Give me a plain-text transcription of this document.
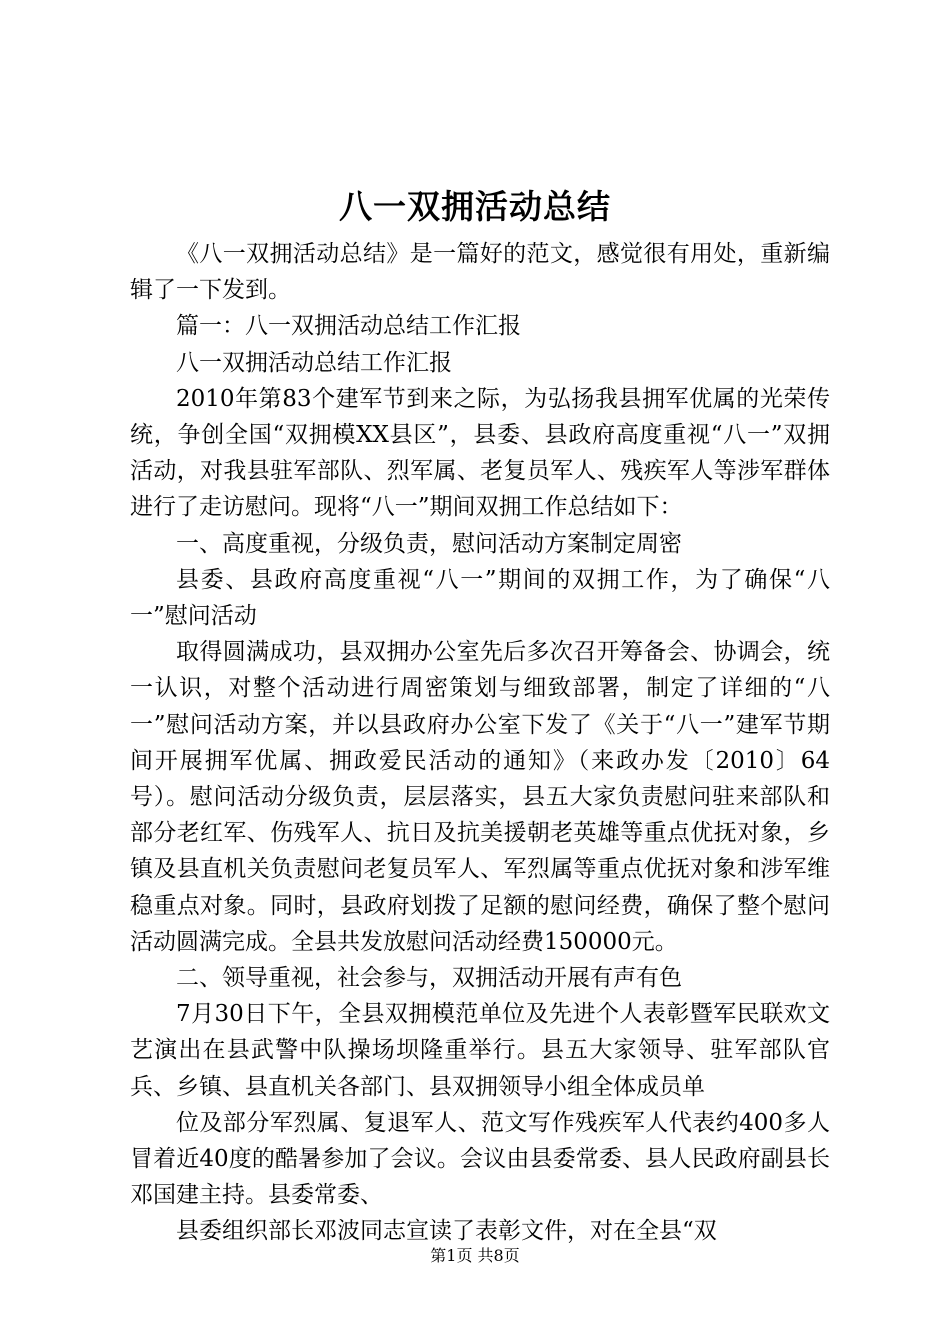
八一双拥活动总结

《八一双拥活动总结》是一篇好的范文，感觉很有用处，重新编辑了一下发到。

篇一：八一双拥活动总结工作汇报

八一双拥活动总结工作汇报

2010年第83个建军节到来之际，为弘扬我县拥军优属的光荣传统，争创全国“双拥模XX县区”，县委、县政府高度重视“八一”双拥活动，对我县驻军部队、烈军属、老复员军人、残疾军人等涉军群体进行了走访慰问。现将“八一”期间双拥工作总结如下：

一、高度重视，分级负责，慰问活动方案制定周密

县委、县政府高度重视“八一”期间的双拥工作，为了确保“八一”慰问活动

取得圆满成功，县双拥办公室先后多次召开筹备会、协调会，统一认识，对整个活动进行周密策划与细致部署，制定了详细的“八一”慰问活动方案，并以县政府办公室下发了《关于“八一”建军节期间开展拥军优属、拥政爱民活动的通知》（来政办发〔2010〕64号）。慰问活动分级负责，层层落实，县五大家负责慰问驻来部队和部分老红军、伤残军人、抗日及抗美援朝老英雄等重点优抚对象，乡镇及县直机关负责慰问老复员军人、军烈属等重点优抚对象和涉军维稳重点对象。同时，县政府划拨了足额的慰问经费，确保了整个慰问活动圆满完成。全县共发放慰问活动经费150000元。

二、领导重视，社会参与，双拥活动开展有声有色

7月30日下午，全县双拥模范单位及先进个人表彰暨军民联欢文艺演出在县武警中队操场坝隆重举行。县五大家领导、驻军部队官兵、乡镇、县直机关各部门、县双拥领导小组全体成员单

位及部分军烈属、复退军人、范文写作残疾军人代表约400多人冒着近40度的酷暑参加了会议。会议由县委常委、县人民政府副县长邓国建主持。县委常委、

县委组织部长邓波同志宣读了表彰文件，对在全县“双

第1页 共8页
